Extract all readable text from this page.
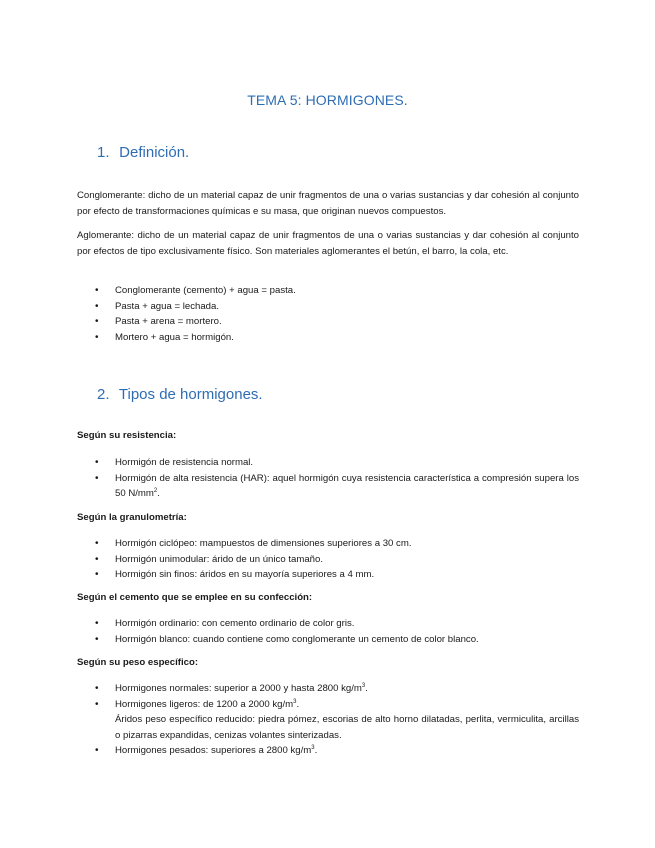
TEMA 5: HORMIGONES.
1. Definición.
Conglomerante: dicho de un material capaz de unir fragmentos de una o varias sustancias y dar cohesión al conjunto por efecto de transformaciones químicas e su masa, que originan nuevos compuestos.
Aglomerante: dicho de un material capaz de unir fragmentos de una o varias sustancias y dar cohesión al conjunto por efectos de tipo exclusivamente físico. Son materiales aglomerantes el betún, el barro, la cola, etc.
• Conglomerante (cemento) + agua = pasta.
• Pasta + agua = lechada.
• Pasta + arena = mortero.
• Mortero + agua = hormigón.
2. Tipos de hormigones.
Según su resistencia:
• Hormigón de resistencia normal.
• Hormigón de alta resistencia (HAR): aquel hormigón cuya resistencia característica a compresión supera los 50 $N/mm^2$.
Según la granulometría:
• Hormigón ciclópeo: mampuestos de dimensiones superiores a 30 cm.
• Hormigón unimodular: árido de un único tamaño.
• Hormigón sin finos: áridos en su mayoría superiores a 4 mm.
Según el cemento que se emplee en su confección:
• Hormigón ordinario: con cemento ordinario de color gris.
• Hormigón blanco: cuando contiene como conglomerante un cemento de color blanco.
Según su peso específico:
• Hormigones normales: superior a 2000 y hasta 2800 $kg/m^3$.
• Hormigones ligeros: de 1200 a 2000 $kg/m^3$.
Áridos peso específico reducido: piedra pómez, escorias de alto horno dilatadas, perlita, vermiculita, arcillas o pizarras expandidas, cenizas volantes sinterizadas.
• Hormigones pesados: superiores a 2800 $kg/m^3$.
